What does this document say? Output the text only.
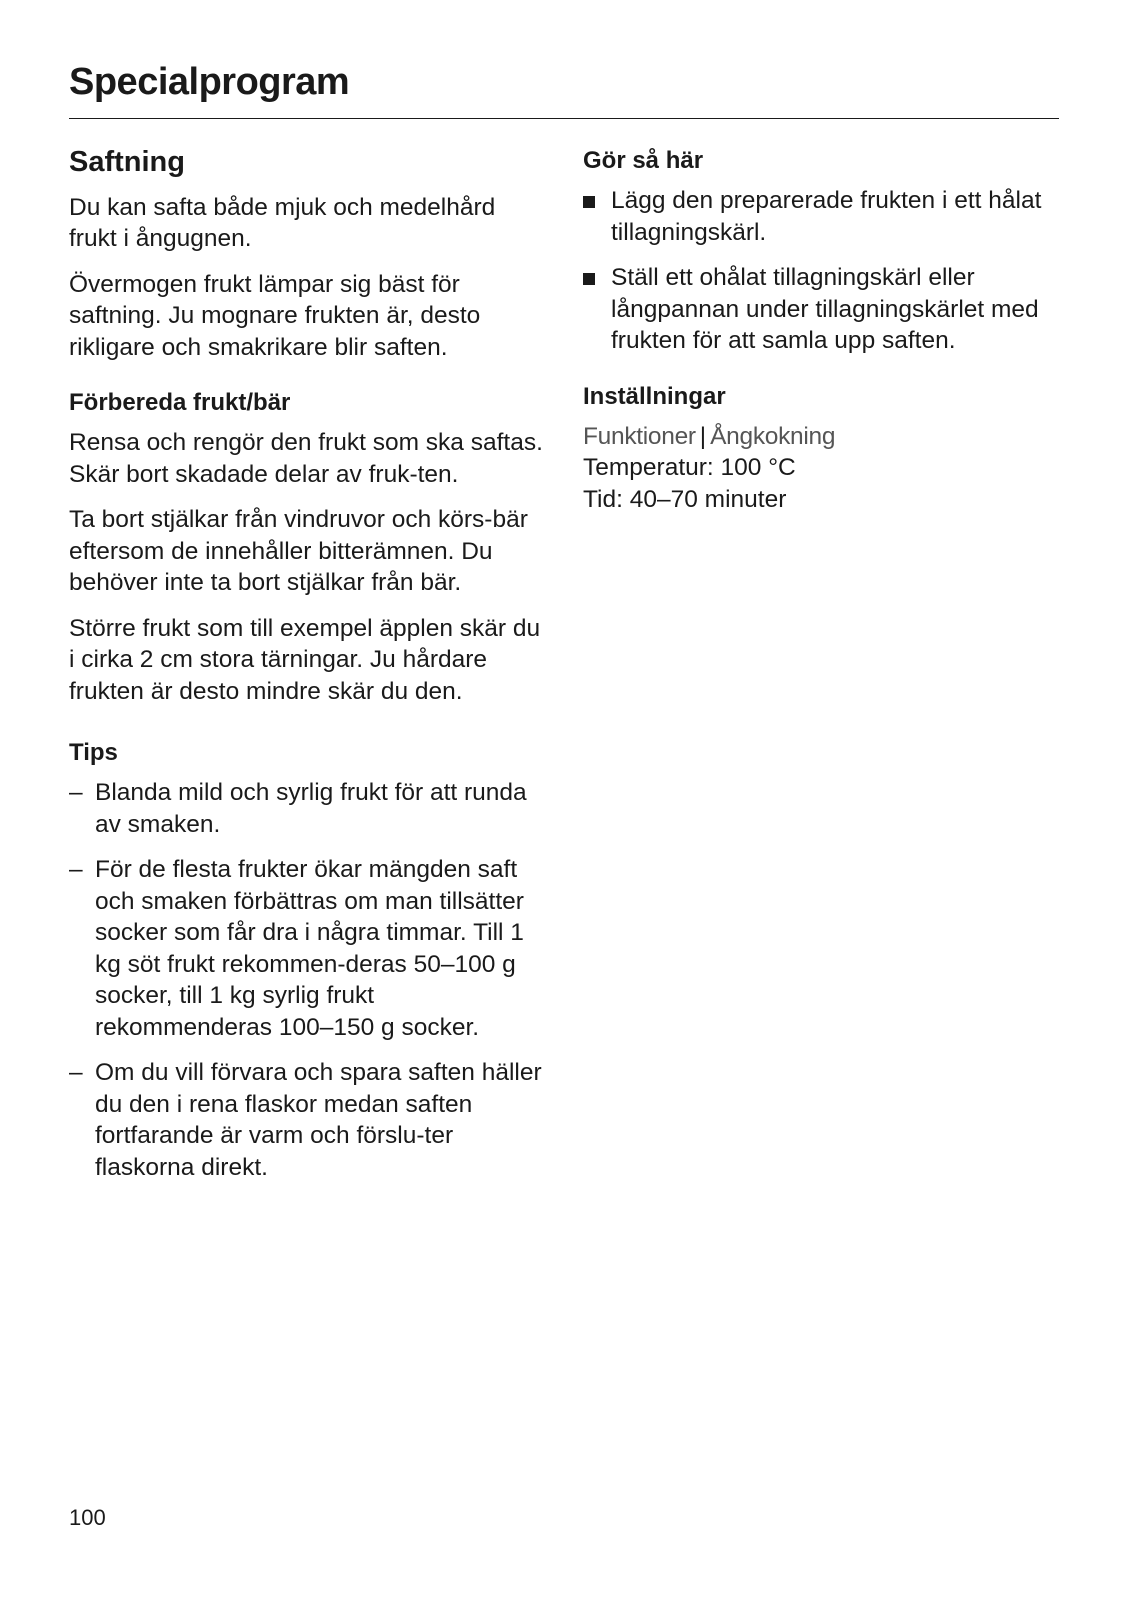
Specialprogram
Saftning

Du kan safta både mjuk och medelhård frukt i ångugnen.

Övermogen frukt lämpar sig bäst för saftning. Ju mognare frukten är, desto rikligare och smakrikare blir saften.

Förbereda frukt/bär

Rensa och rengör den frukt som ska saftas. Skär bort skadade delar av fruk-ten.

Ta bort stjälkar från vindruvor och körs-bär eftersom de innehåller bitterämnen. Du behöver inte ta bort stjälkar från bär.

Större frukt som till exempel äpplen skär du i cirka 2 cm stora tärningar. Ju hårdare frukten är desto mindre skär du den.

Tips
– Blanda mild och syrlig frukt för att runda av smaken.
– För de flesta frukter ökar mängden saft och smaken förbättras om man tillsätter socker som får dra i några timmar. Till 1 kg söt frukt rekommen-deras 50–100 g socker, till 1 kg syrlig frukt rekommenderas 100–150 g socker.
– Om du vill förvara och spara saften häller du den i rena flaskor medan saften fortfarande är varm och förslu-ter flaskorna direkt.
Gör så här
Lägg den preparerade frukten i ett hålat tillagningskärl.
Ställ ett ohålat tillagningskärl eller långpannan under tillagningskärlet med frukten för att samla upp saften.
Inställningar

Funktioner | Ångkokning

Temperatur: 100 °C

Tid: 40–70 minuter

100
